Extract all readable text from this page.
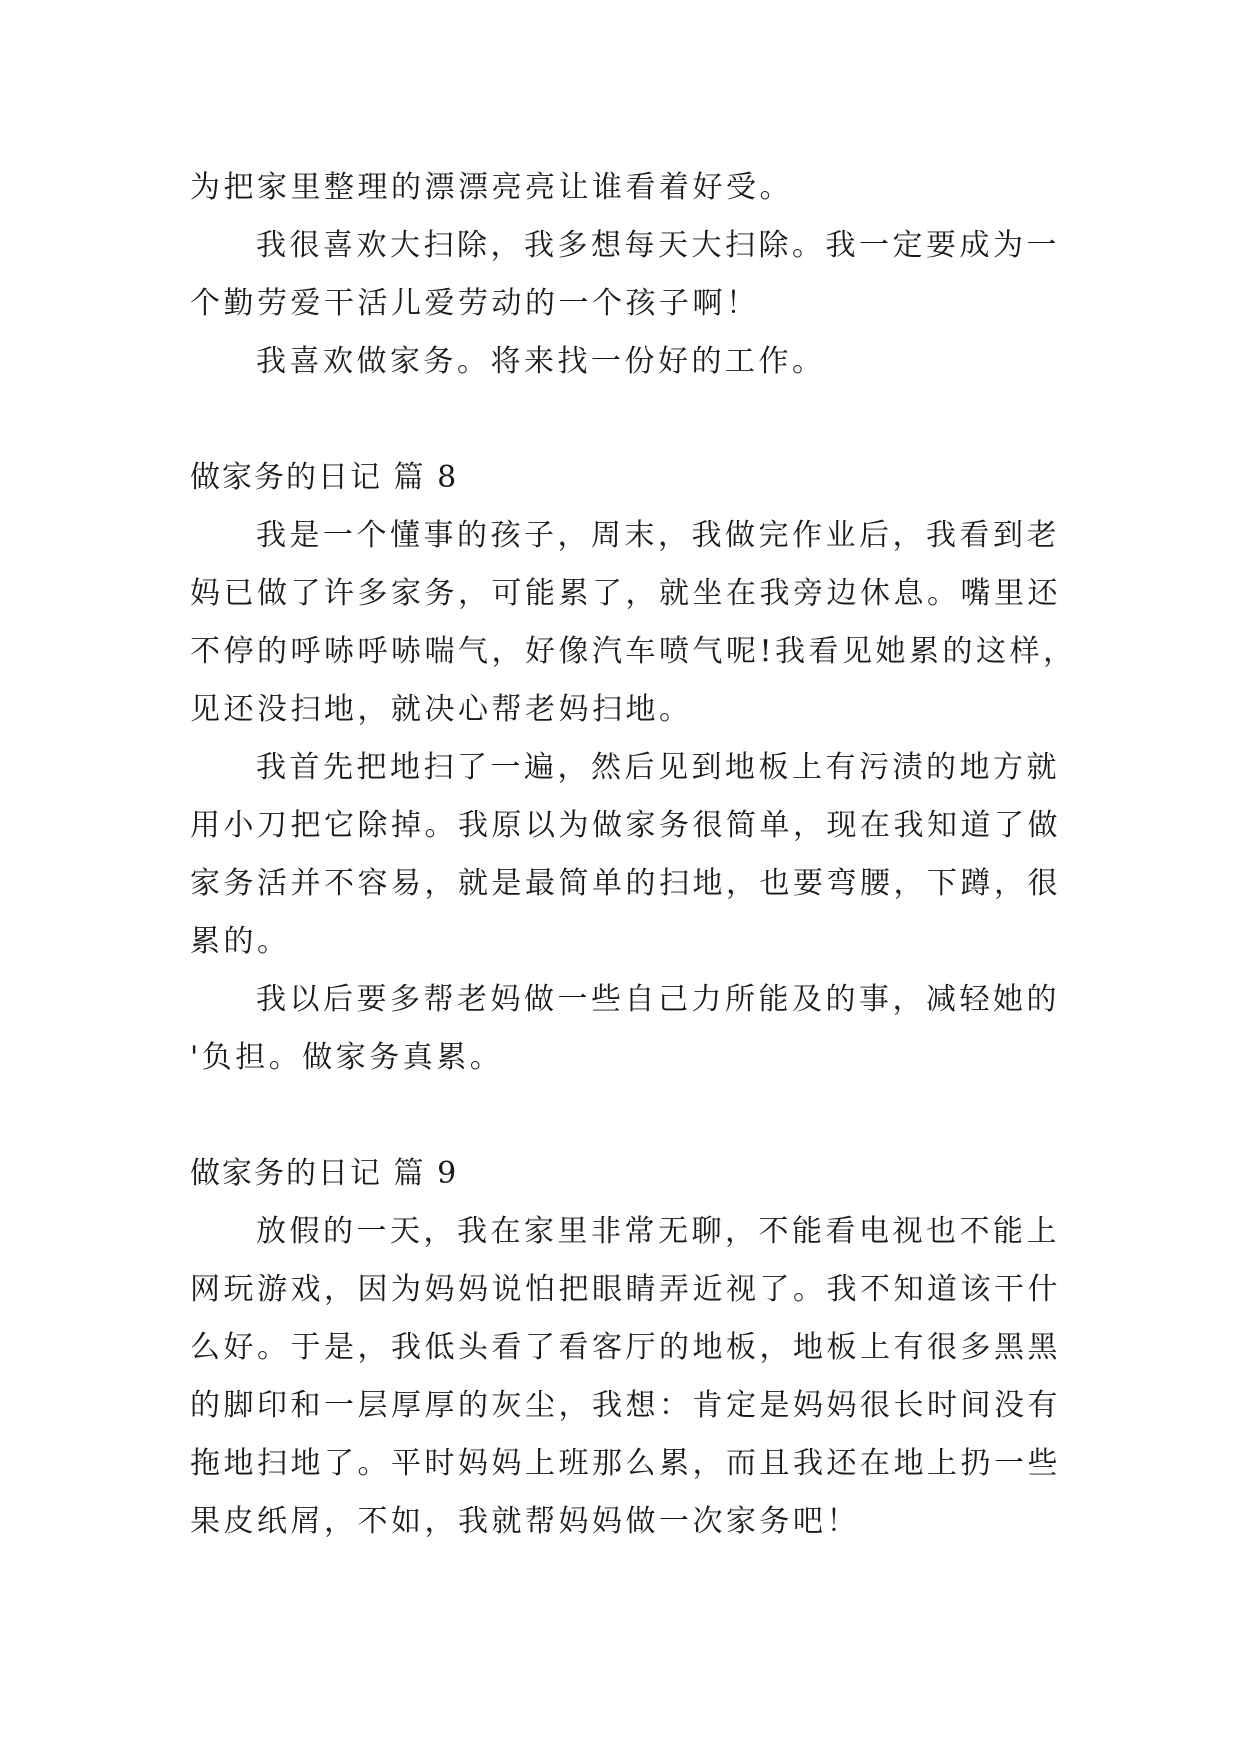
为把家里整理的漂漂亮亮让谁看着好受。
我很喜欢大扫除，我多想每天大扫除。我一定要成为一
个勤劳爱干活儿爱劳动的一个孩子啊！
我喜欢做家务。将来找一份好的工作。
做家务的日记 篇 8
我是一个懂事的孩子，周末，我做完作业后，我看到老
妈已做了许多家务，可能累了，就坐在我旁边休息。嘴里还
不停的呼哧呼哧喘气，好像汽车喷气呢!我看见她累的这样，
见还没扫地，就决心帮老妈扫地。
我首先把地扫了一遍，然后见到地板上有污渍的地方就
用小刀把它除掉。我原以为做家务很简单，现在我知道了做
家务活并不容易，就是最简单的扫地，也要弯腰，下蹲，很
累的。
我以后要多帮老妈做一些自己力所能及的事，减轻她的
'负担。做家务真累。
做家务的日记 篇 9
放假的一天，我在家里非常无聊，不能看电视也不能上
网玩游戏，因为妈妈说怕把眼睛弄近视了。我不知道该干什
么好。于是，我低头看了看客厅的地板，地板上有很多黑黑
的脚印和一层厚厚的灰尘，我想：肯定是妈妈很长时间没有
拖地扫地了。平时妈妈上班那么累，而且我还在地上扔一些
果皮纸屑，不如，我就帮妈妈做一次家务吧！
